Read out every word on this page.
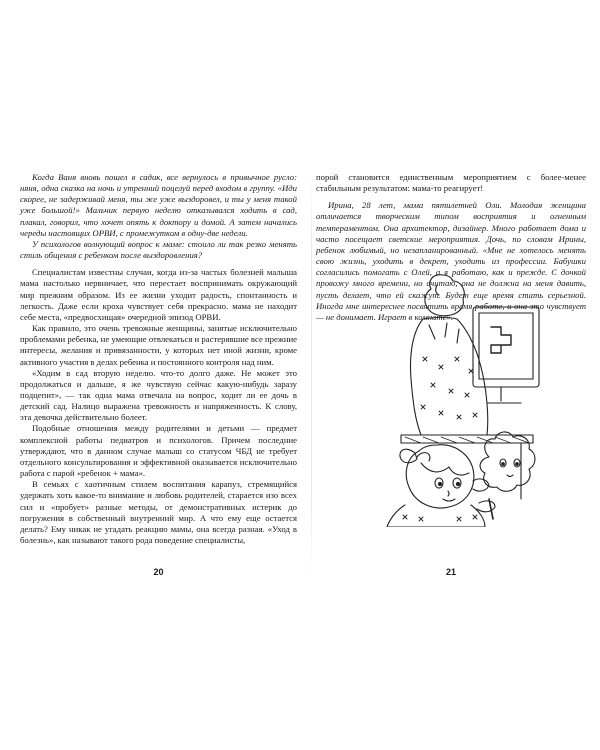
Когда Ваня вновь пошел в садик, все вернулось в привычное русло: няня, одна сказка на ночь и утренний поцелуй перед входом в группу. «Иди скорее, не задерживай меня, ты же уже выздоровел, и ты у меня такой уже большой!» Мальчик первую неделю отказывался ходить в сад, плакал, говорил, что хочет опять к доктору и домой. А затем начались череды настоящих ОРВИ, с промежутком в одну-две недели.

У психологов волнующий вопрос к маме: стоило ли так резко менять стиль общения с ребенком после выздоровления?

Специалистам известны случаи, когда из-за частых болезней малыша мама настолько нервничает, что перестает воспринимать окружающий мир прежним образом. Из ее жизни уходит радость, спонтанность и легкость. Даже если кроха чувствует себя прекрасно. мама не находит себе места, «предвосхищая» очередной эпизод ОРВИ.

Как правило, это очень тревожные женщины, занятые исключительно проблемами ребенка, не умеющие отвлекаться и растерявшие все прежние интересы, желания и привязанности, у которых нет иной жизни, кроме активного участия в делах ребенка и постоянного контроля над ним.

«Ходим в сад вторую неделю. что-то долго даже. Не может это продолжаться и дальше, я же чувствую сейчас какую-нибудь заразу подцепит», — так одна мама отвечала на вопрос, ходит ли ее дочь в детский сад. Налицо выражена тревожность и напряженность. К слову, эта девочка действительно болеет.

Подобные отношения между родителями и детьми — предмет комплексной работы педиатров и психологов. Причем последние утверждают, что в данном случае малыш со статусом ЧБД не требует отдельного консультирования и эффективной оказывается исключительно работа с парой «ребенок + мама».

В семьях с хаотичным стилем воспитания карапуз, стремящийся удержать хоть какое-то внимание и любовь родителей, старается изо всех сил и «пробует» разные методы, от демонстративных истерик до погружения в собственный внутренний мир. А что ему еще остается делать? Ему никак не угадать реакцию мамы, она всегда разная. «Уход в болезнь», как называют такого рода поведение специалисты,

20

порой становится единственным мероприятием с более-менее стабильным результатом: мама-то реагирует!

Ирина, 28 лет, мама пятилетней Оли. Молодая женщина отличается творческим типом восприятия и огненным темпераментом. Она архитектор, дизайнер. Много работает дома и часто посещает светские мероприятия. Дочь, по словам Ирины, ребенок любимый, но незапланированный. «Мне не хотелось менять свою жизнь, уходить в декрет, уходить из профессии. Бабушки согласились помогать с Олей, а я работаю, как и прежде. С дочкой провожу много времени, но считаю, она не должна на меня давить, пусть делает, что ей скажут. Будет еще время стать серьезной. Иногда мне интереснее посвятить время работе, и она это чувствует — не донимает. Играет в комнате».

21
